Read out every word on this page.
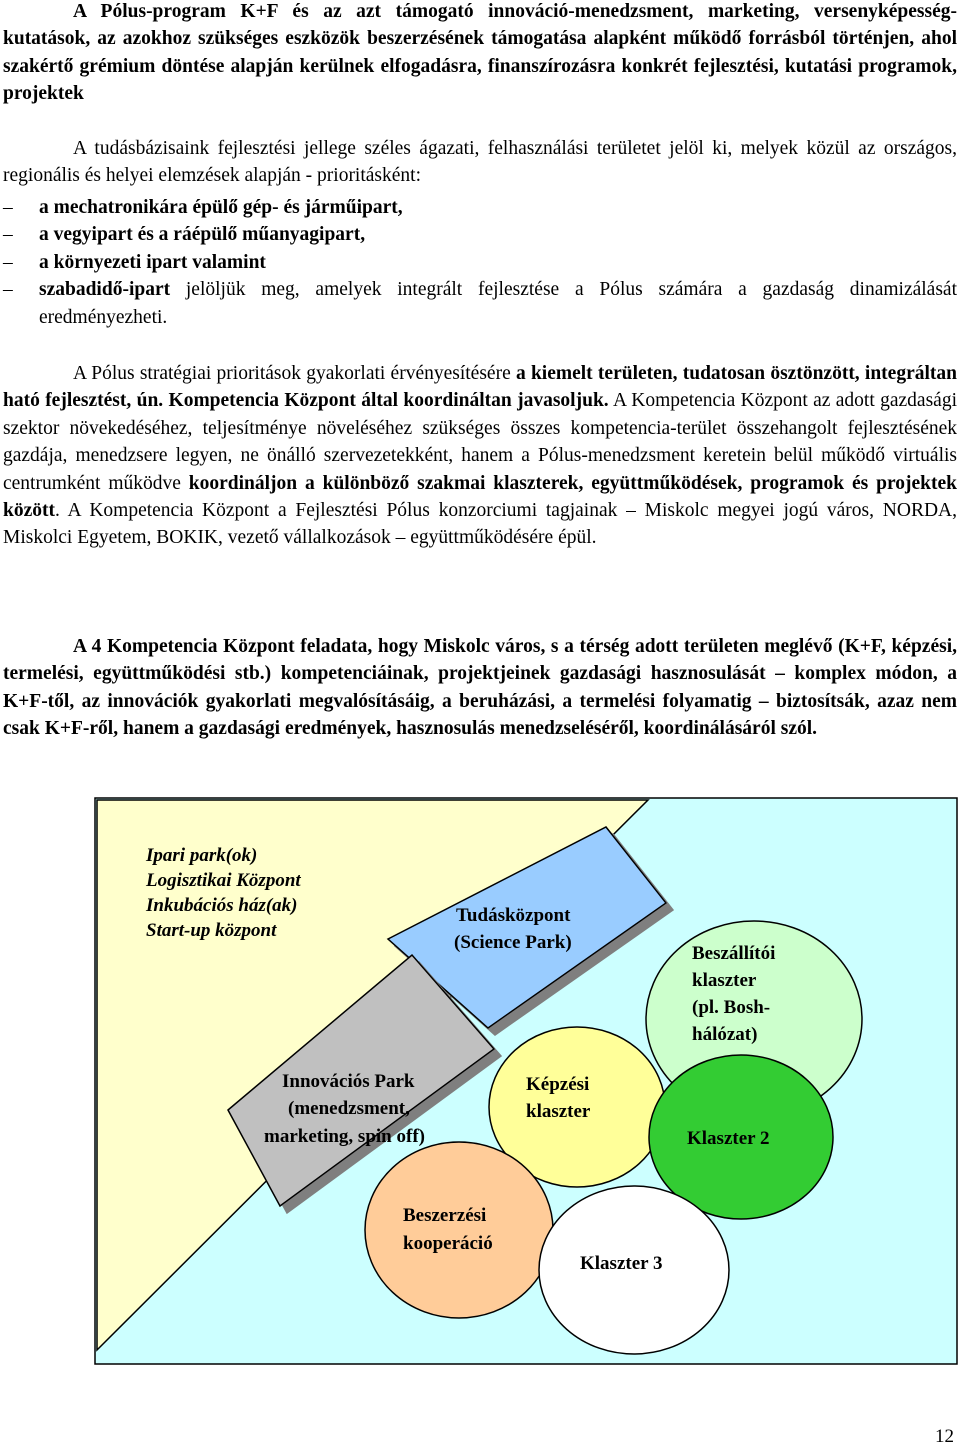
A Pólus-program K+F és az azt támogató innováció-menedzsment, marketing, versenyképesség-kutatások, az azokhoz szükséges eszközök beszerzésének támogatása alapként működő forrásból történjen, ahol szakértő grémium döntése alapján kerülnek elfogadásra, finanszírozásra konkrét fejlesztési, kutatási programok, projektek

A tudásbázisaink fejlesztési jellege széles ágazati, felhasználási területet jelöl ki, melyek közül az országos, regionális és helyei elemzések alapján - prioritásként:

– a mechatronikára épülő gép- és járműipart,
– a vegyipart és a ráépülő műanyagipart,
– a környezeti ipart valamint
– szabadidő-ipart jelöljük meg, amelyek integrált fejlesztése a Pólus számára a gazdaság dinamizálását eredményezheti.

A Pólus stratégiai prioritások gyakorlati érvényesítésére a kiemelt területen, tudatosan ösztönzött, integráltan ható fejlesztést, ún. Kompetencia Központ által koordináltan javasoljuk. A Kompetencia Központ az adott gazdasági szektor növekedéséhez, teljesítménye növeléséhez szükséges összes kompetencia-terület összehangolt fejlesztésének gazdája, menedzsere legyen, ne önálló szervezetekként, hanem a Pólus-menedzsment keretein belül működő virtuális centrumként működve koordináljon a különböző szakmai klaszterek, együttműködések, programok és projektek között. A Kompetencia Központ a Fejlesztési Pólus konzorciumi tagjainak – Miskolc megyei jogú város, NORDA, Miskolci Egyetem, BOKIK, vezető vállalkozások – együttműködésére épül.

A 4 Kompetencia Központ feladata, hogy Miskolc város, s a térség adott területen meglévő (K+F, képzési, termelési, együttműködési stb.) kompetenciáinak, projektjeinek gazdasági hasznosulását – komplex módon, a K+F-től, az innovációk gyakorlati megvalósításáig, a beruházási, a termelési folyamatig – biztosítsák, azaz nem csak K+F-ről, hanem a gazdasági eredmények, hasznosulás menedzseléséről, koordinálásáról szól.

Ipari park(ok)
Logisztikai Központ
Inkubációs ház(ak)
Start-up központ
Tudásközpont
(Science Park)
Innovációs Park
(menedzsment,
marketing, spin off)
Beszállítói
klaszter
(pl. Bosh-
hálózat)
Képzési
klaszter
Klaszter 2
Beszerzési
kooperáció
Klaszter 3
12
